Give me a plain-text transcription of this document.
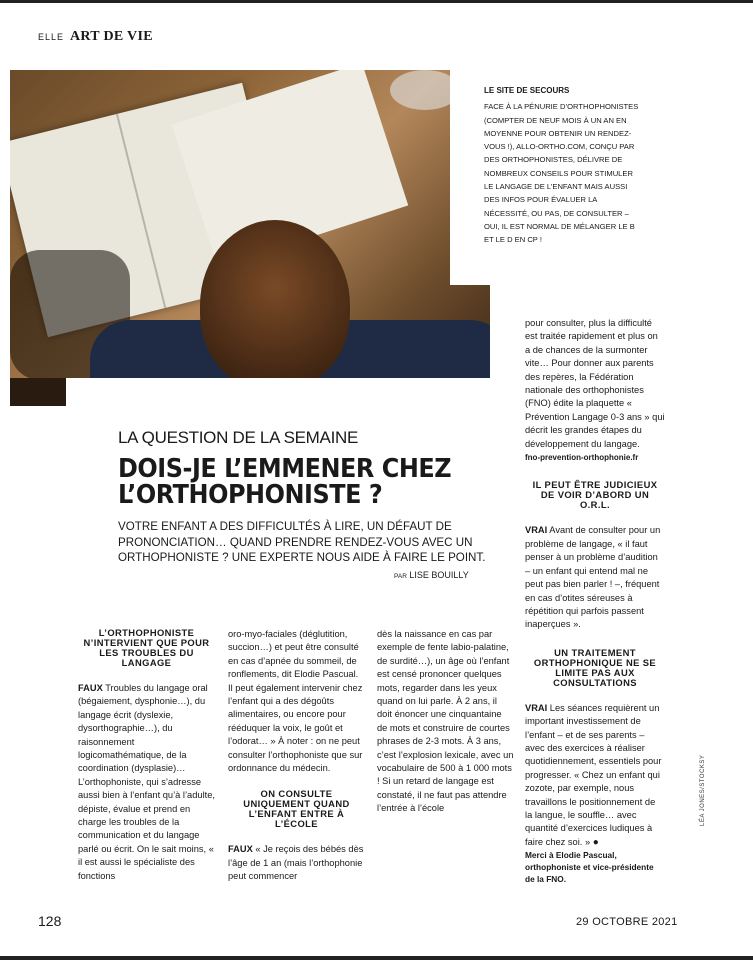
ELLE ART DE VIE
LÉA JONES/STOCKSY
LE SITE DE SECOURS
FACE À LA PÉNURIE D’ORTHOPHONISTES (COMPTER DE NEUF MOIS À UN AN EN MOYENNE POUR OBTENIR UN RENDEZ-VOUS !), ALLO-ORTHO.COM, CONÇU PAR DES ORTHOPHONISTES, DÉLIVRE DE NOMBREUX CONSEILS POUR STIMULER LE LANGAGE DE L’ENFANT MAIS AUSSI DES INFOS POUR ÉVALUER LA NÉCESSITÉ, OU PAS, DE CONSULTER – OUI, IL EST NORMAL DE MÉLANGER LE B ET LE D EN CP !
LA QUESTION DE LA SEMAINE
DOIS-JE L’EMMENER CHEZ L’ORTHOPHONISTE ?
VOTRE ENFANT A DES DIFFICULTÉS À LIRE, UN DÉFAUT DE PRONONCIATION… QUAND PRENDRE RENDEZ-VOUS AVEC UN ORTHOPHONISTE ? UNE EXPERTE NOUS AIDE À FAIRE LE POINT.
PAR LISE BOUILLY

L’ORTHOPHONISTE N’INTERVIENT QUE POUR LES TROUBLES DU LANGAGE

FAUX Troubles du langage oral (bégaiement, dysphonie…), du langage écrit (dyslexie, dysorthographie…), du raisonnement logicomathématique, de la coordination (dysplasie)… L’orthophoniste, qui s’adresse aussi bien à l’enfant qu’à l’adulte, dépiste, évalue et prend en charge les troubles de la communication et du langage parlé ou écrit. On le sait moins, « il est aussi le spécialiste des fonctions

oro-myo-faciales (déglutition, succion…) et peut être consulté en cas d’apnée du sommeil, de ronflements, dit Elodie Pascual. Il peut également intervenir chez l’enfant qui a des dégoûts alimentaires, ou encore pour rééduquer la voix, le goût et l’odorat… » À noter : on ne peut consulter l’orthophoniste que sur ordonnance du médecin.

ON CONSULTE UNIQUEMENT QUAND L’ENFANT ENTRE À L’ÉCOLE

FAUX « Je reçois des bébés dès l’âge de 1 an (mais l’orthophonie peut commencer

dès la naissance en cas par exemple de fente labio-palatine, de surdité…), un âge où l’enfant est censé prononcer quelques mots, regarder dans les yeux quand on lui parle. À 2 ans, il doit énoncer une cinquantaine de mots et construire de courtes phrases de 2-3 mots. À 3 ans, c’est l’explosion lexicale, avec un vocabulaire de 500 à 1 000 mots ! Si un retard de langage est constaté, il ne faut pas attendre l’entrée à l’école

pour consulter, plus la difficulté est traitée rapidement et plus on a de chances de la surmonter vite… Pour donner aux parents des repères, la Fédération nationale des orthophonistes (FNO) édite la plaquette « Prévention Langage 0-3 ans » qui décrit les grandes étapes du développement du langage.

fno-prevention-orthophonie.fr

IL PEUT ÊTRE JUDICIEUX DE VOIR D’ABORD UN O.R.L.

VRAI Avant de consulter pour un problème de langage, « il faut penser à un problème d’audition – un enfant qui entend mal ne peut pas bien parler ! –, fréquent en cas d’otites séreuses à répétition qui parfois passent inaperçues ».

UN TRAITEMENT ORTHOPHONIQUE NE SE LIMITE PAS AUX CONSULTATIONS

VRAI Les séances requièrent un important investissement de l’enfant – et de ses parents – avec des exercices à réaliser quotidiennement, essentiels pour progresser. « Chez un enfant qui zozote, par exemple, nous travaillons le positionnement de la langue, le souffle… avec quantité d’exercices ludiques à faire chez soi. » ●

Merci à Elodie Pascual, orthophoniste et vice-présidente de la FNO.

128	29 OCTOBRE 2021
